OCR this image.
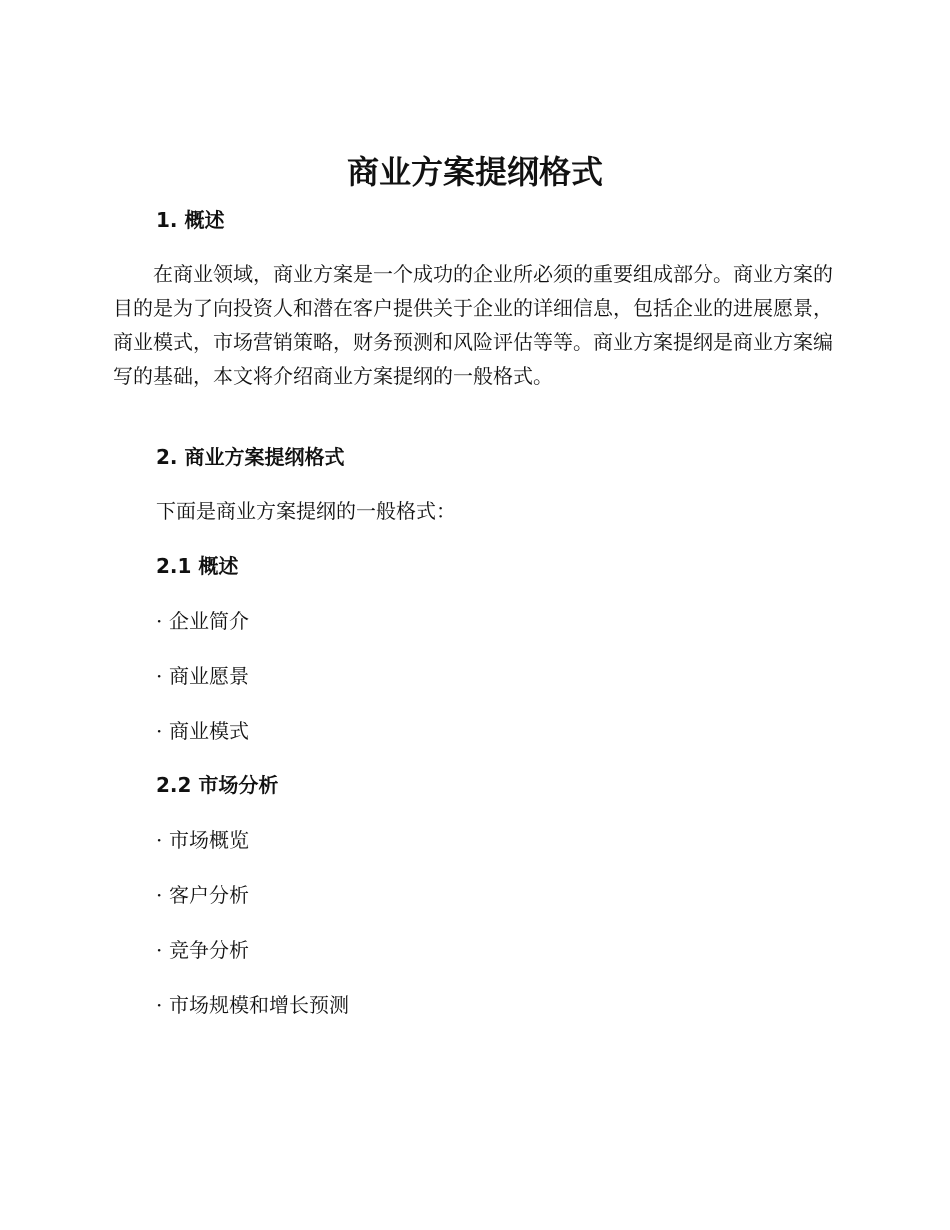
商业方案提纲格式
1. 概述

在商业领域，商业方案是一个成功的企业所必须的重要组成部分。商业方案的目的是为了向投资人和潜在客户提供关于企业的详细信息，包括企业的进展愿景，商业模式，市场营销策略，财务预测和风险评估等等。商业方案提纲是商业方案编写的基础，本文将介绍商业方案提纲的一般格式。

2. 商业方案提纲格式

下面是商业方案提纲的一般格式：

2.1 概述
· 企业简介
· 商业愿景
· 商业模式
2.2 市场分析
· 市场概览
· 客户分析
· 竞争分析
· 市场规模和增长预测
